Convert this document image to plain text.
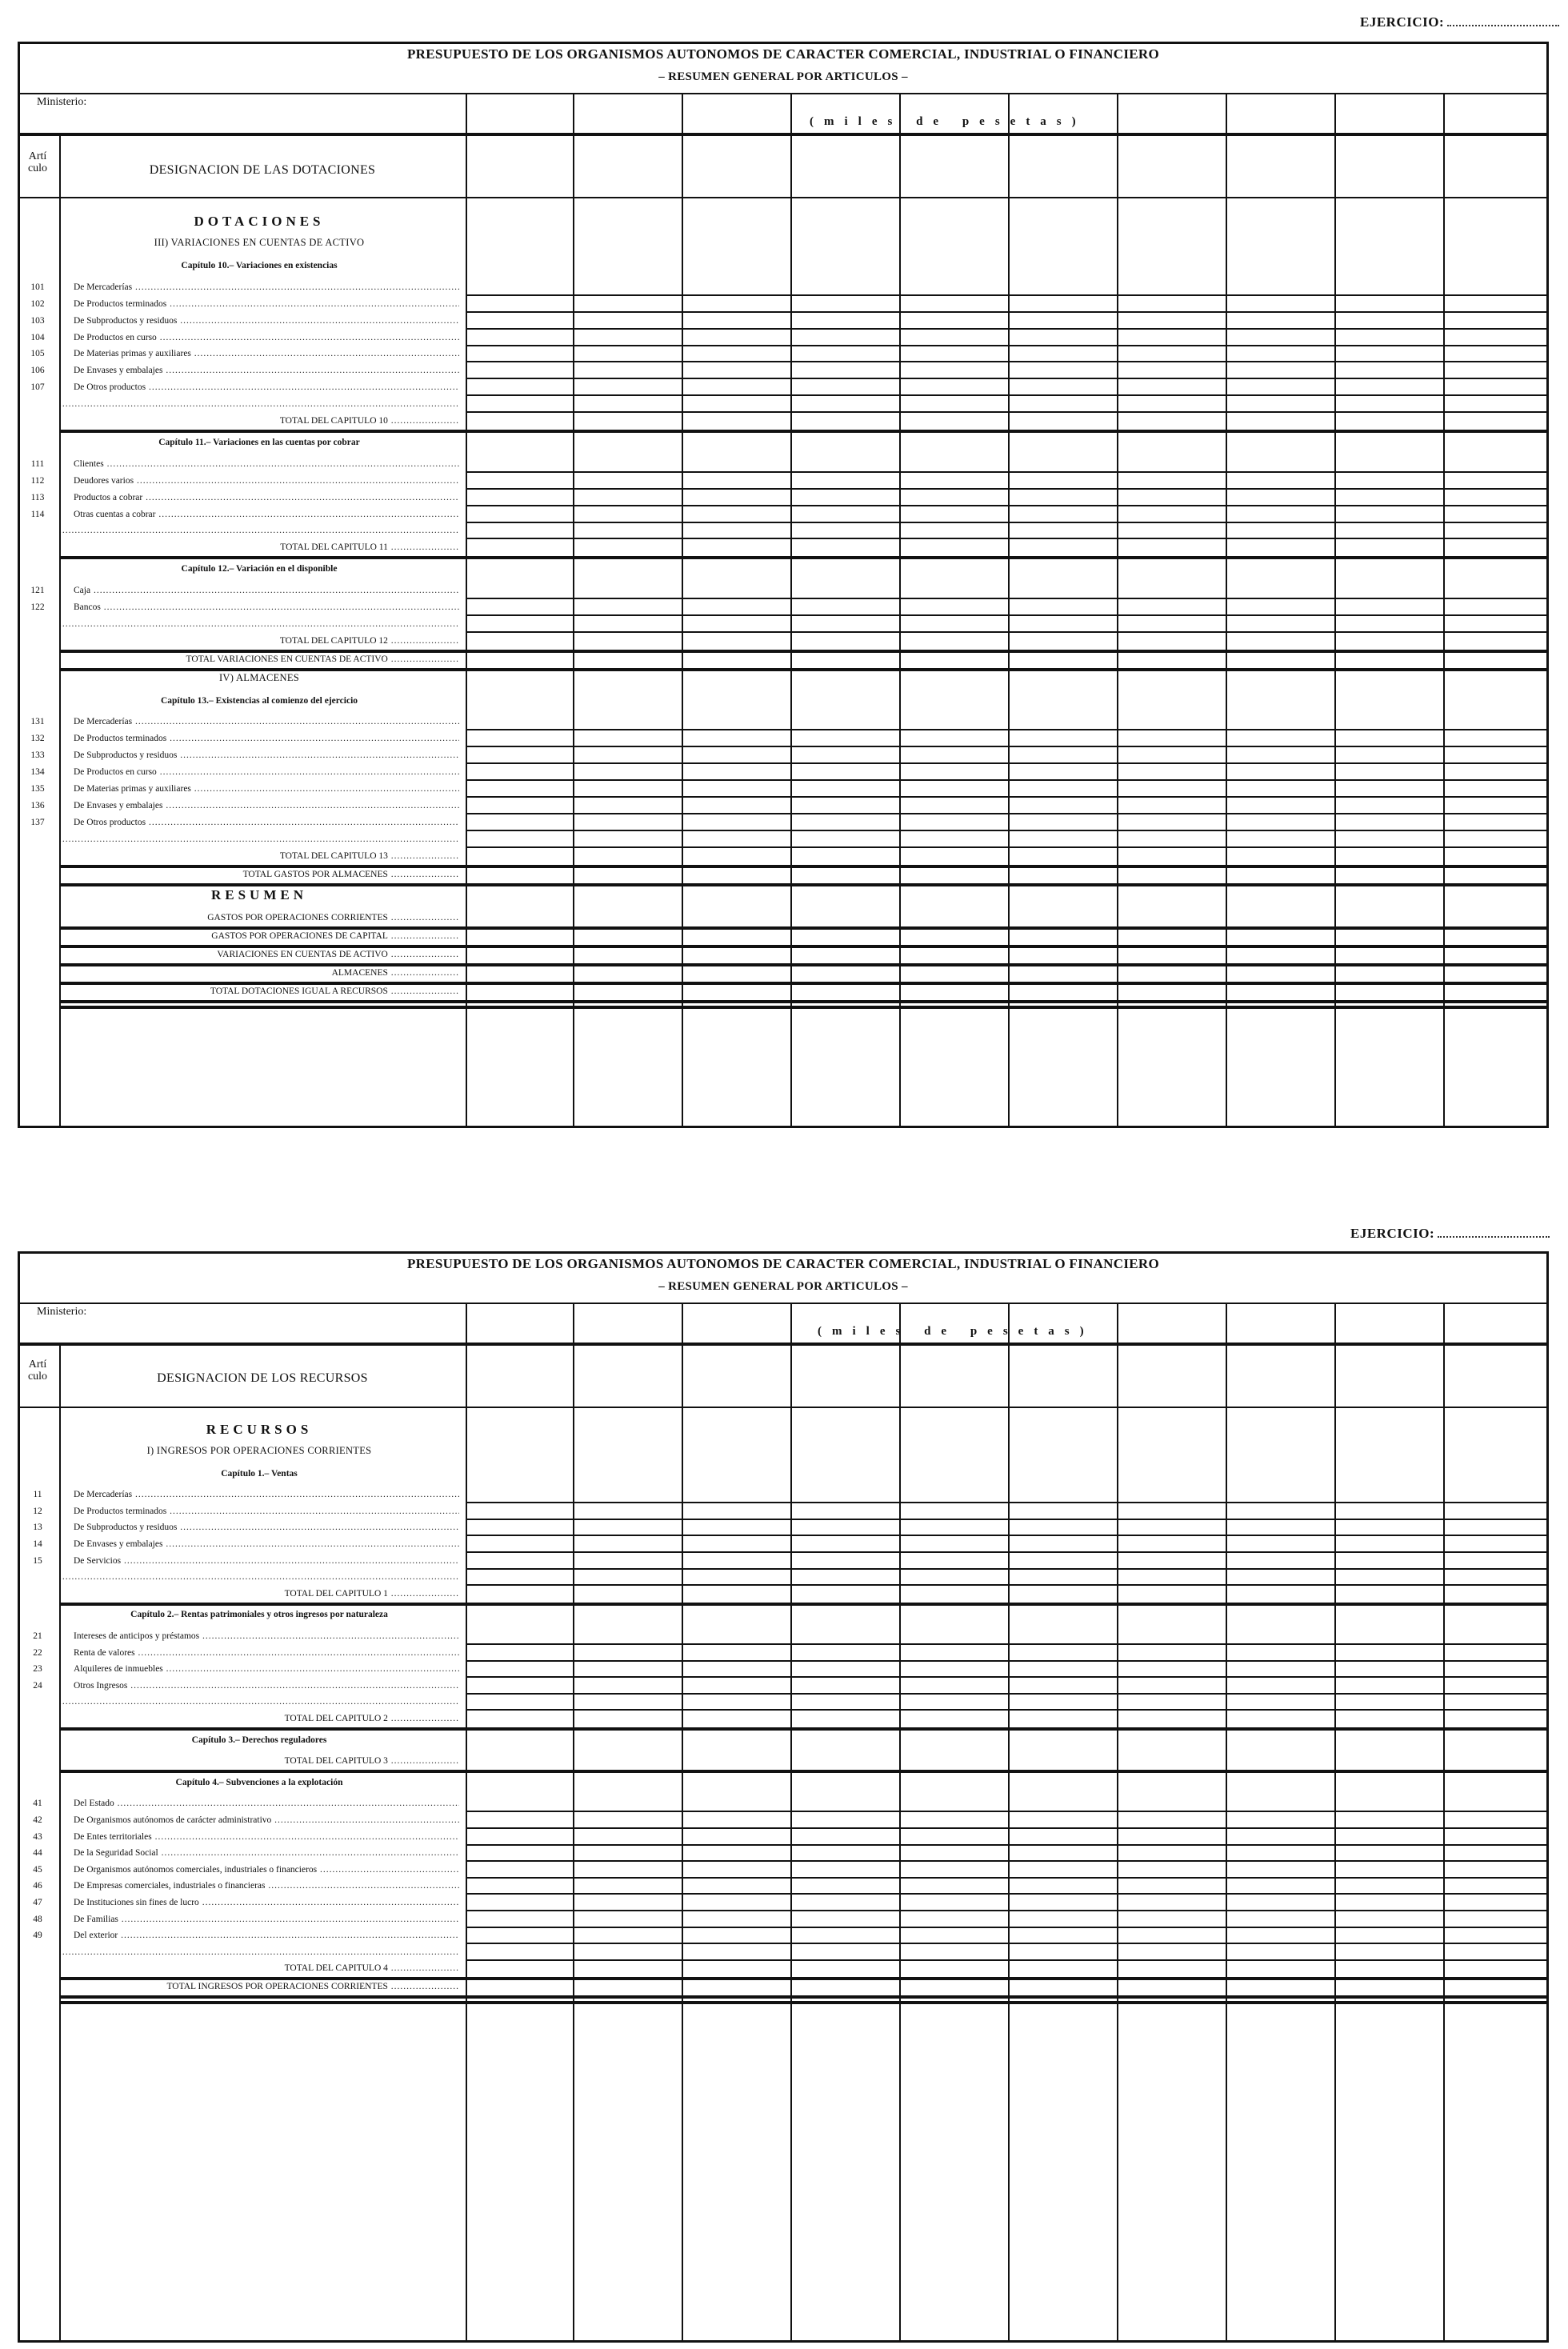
EJERCICIO:
PRESUPUESTO DE LOS ORGANISMOS AUTONOMOS DE CARACTER COMERCIAL, INDUSTRIAL O FINANCIERO
– RESUMEN GENERAL POR ARTICULOS –
Ministerio:
(miles de pesetas)
Artí culo	DESIGNACION DE LAS DOTACIONES
DOTACIONES
III) VARIACIONES EN CUENTAS DE ACTIVO
Capítulo 10.– Variaciones en existencias
101	De Mercaderías .....
102	De Productos terminados .....
103	De Subproductos y residuos .....
104	De Productos en curso .....
105	De Materias primas y auxiliares .....
106	De Envases y embalajes .....
107	De Otros productos .....
.....
TOTAL DEL CAPITULO 10 .....
Capítulo 11.– Variaciones en las cuentas por cobrar
111	Clientes .....
112	Deudores varios .....
113	Productos a cobrar .....
114	Otras cuentas a cobrar .....
.....
TOTAL DEL CAPITULO 11 .....
Capítulo 12.– Variación en el disponible
121	Caja .....
122	Bancos .....
.....
TOTAL DEL CAPITULO 12 .....
TOTAL VARIACIONES EN CUENTAS DE ACTIVO .....
IV) ALMACENES
Capítulo 13.– Existencias al comienzo del ejercicio
131	De Mercaderías .....
132	De Productos terminados .....
133	De Subproductos y residuos .....
134	De Productos en curso .....
135	De Materias primas y auxiliares .....
136	De Envases y embalajes .....
137	De Otros productos .....
.....
TOTAL DEL CAPITULO 13 .....
TOTAL GASTOS POR ALMACENES .....
RESUMEN
GASTOS POR OPERACIONES CORRIENTES .....
GASTOS POR OPERACIONES DE CAPITAL .....
VARIACIONES EN CUENTAS DE ACTIVO .....
ALMACENES .....
TOTAL DOTACIONES IGUAL A RECURSOS .....
EJERCICIO:
PRESUPUESTO DE LOS ORGANISMOS AUTONOMOS DE CARACTER COMERCIAL, INDUSTRIAL O FINANCIERO
– RESUMEN GENERAL POR ARTICULOS –
Ministerio:
(miles de pesetas)
Artí culo	DESIGNACION DE LOS RECURSOS
RECURSOS
I) INGRESOS POR OPERACIONES CORRIENTES
Capítulo 1.– Ventas
11	De Mercaderías .....
12	De Productos terminados .....
13	De Subproductos y residuos .....
14	De Envases y embalajes .....
15	De Servicios .....
.....
TOTAL DEL CAPITULO 1 .....
Capítulo 2.– Rentas patrimoniales y otros ingresos por naturaleza
21	Intereses de anticipos y préstamos .....
22	Renta de valores .....
23	Alquileres de inmuebles .....
24	Otros Ingresos .....
.....
TOTAL DEL CAPITULO 2 .....
Capítulo 3.– Derechos reguladores
TOTAL DEL CAPITULO 3 .....
Capítulo 4.– Subvenciones a la explotación
41	Del Estado .....
42	De Organismos autónomos de carácter administrativo .....
43	De Entes territoriales .....
44	De la Seguridad Social .....
45	De Organismos autónomos comerciales, industriales o financieros .....
46	De Empresas comerciales, industriales o financieras .....
47	De Instituciones sin fines de lucro .....
48	De Familias .....
49	Del exterior .....
.....
TOTAL DEL CAPITULO 4 .....
TOTAL INGRESOS POR OPERACIONES CORRIENTES .....
